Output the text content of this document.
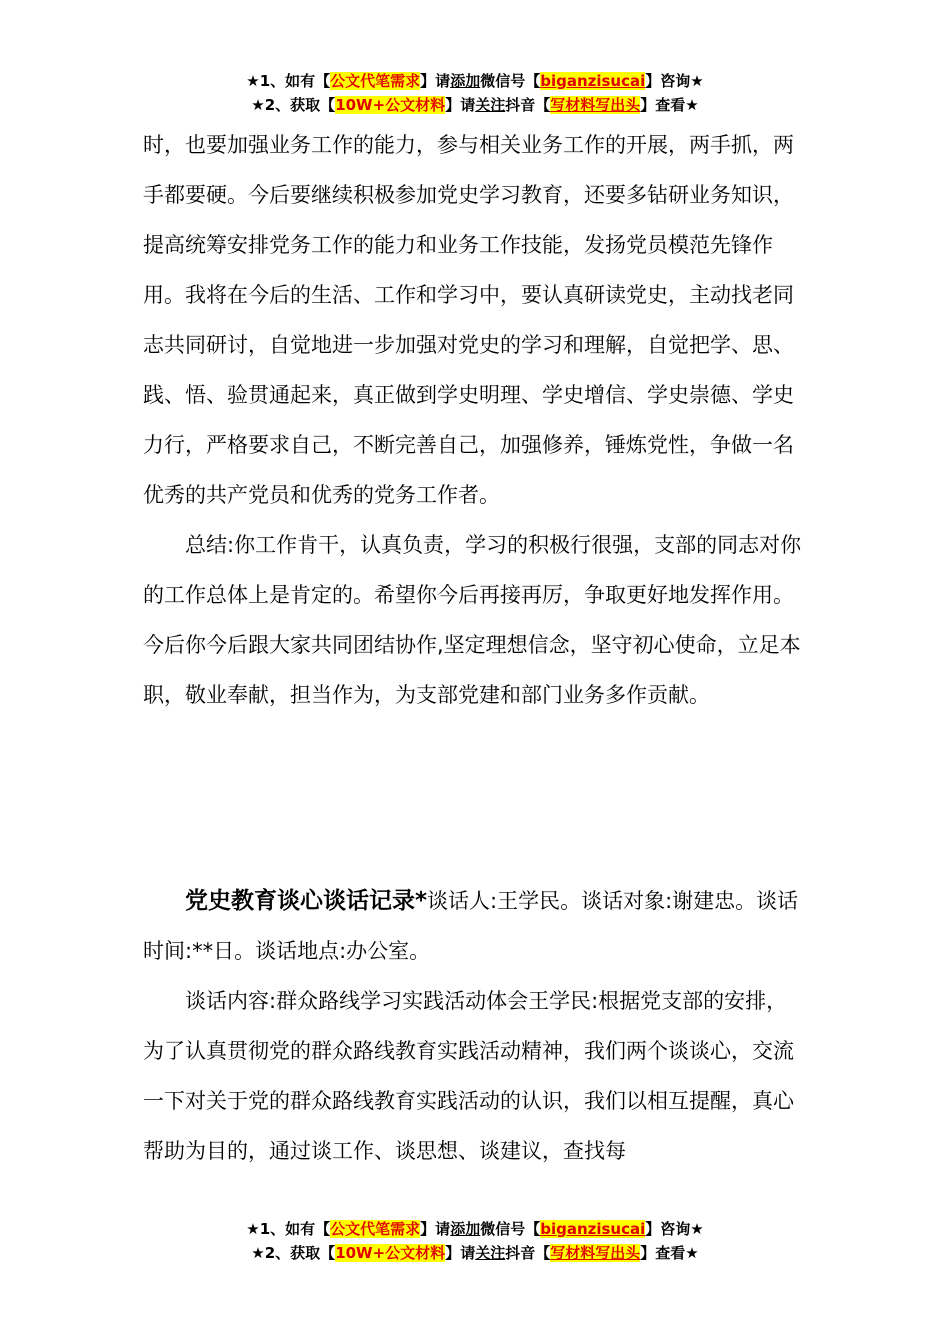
★1、如有【公文代笔需求】请添加微信号【biganzisucai】咨询★
★2、获取【10W+公文材料】请关注抖音【写材料写出头】查看★

时，也要加强业务工作的能力，参与相关业务工作的开展，两手抓，两手都要硬。今后要继续积极参加党史学习教育，还要多钻研业务知识，提高统筹安排党务工作的能力和业务工作技能，发扬党员模范先锋作用。我将在今后的生活、工作和学习中，要认真研读党史，主动找老同志共同研讨，自觉地进一步加强对党史的学习和理解，自觉把学、思、践、悟、验贯通起来，真正做到学史明理、学史增信、学史崇德、学史力行，严格要求自己，不断完善自己，加强修养，锤炼党性，争做一名优秀的共产党员和优秀的党务工作者。

总结:你工作肯干，认真负责，学习的积极行很强，支部的同志对你的工作总体上是肯定的。希望你今后再接再厉，争取更好地发挥作用。今后你今后跟大家共同团结协作,坚定理想信念，坚守初心使命，立足本职，敬业奉献，担当作为，为支部党建和部门业务多作贡献。

党史教育谈心谈话记录*谈话人:王学民。谈话对象:谢建忠。谈话时间:**日。谈话地点:办公室。

谈话内容:群众路线学习实践活动体会王学民:根据党支部的安排，为了认真贯彻党的群众路线教育实践活动精神，我们两个谈谈心，交流一下对关于党的群众路线教育实践活动的认识，我们以相互提醒，真心帮助为目的，通过谈工作、谈思想、谈建议，查找每

★1、如有【公文代笔需求】请添加微信号【biganzisucai】咨询★
★2、获取【10W+公文材料】请关注抖音【写材料写出头】查看★
